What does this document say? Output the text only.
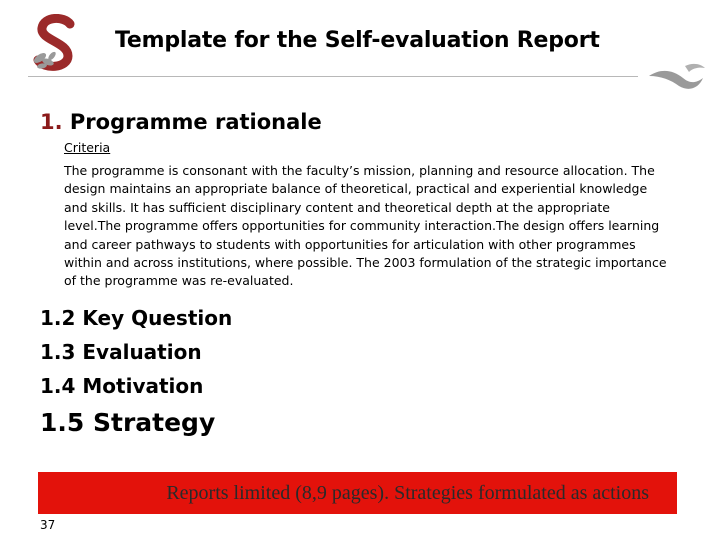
Template for the Self-evaluation Report
1. Programme rationale
Criteria

The programme is consonant with the faculty’s mission, planning and resource allocation. The design maintains an appropriate balance of theoretical, practical and experiential knowledge and skills. It has sufficient disciplinary content and theoretical depth at the appropriate level.The programme offers opportunities for community interaction.The design offers learning and career pathways to students with opportunities for articulation with other programmes within and across institutions, where possible. The 2003 formulation of the strategic importance of the programme was re-evaluated.

1.2 Key Question
1.3 Evaluation
1.4 Motivation
1.5 Strategy
Reports limited (8,9 pages). Strategies formulated as actions
37
